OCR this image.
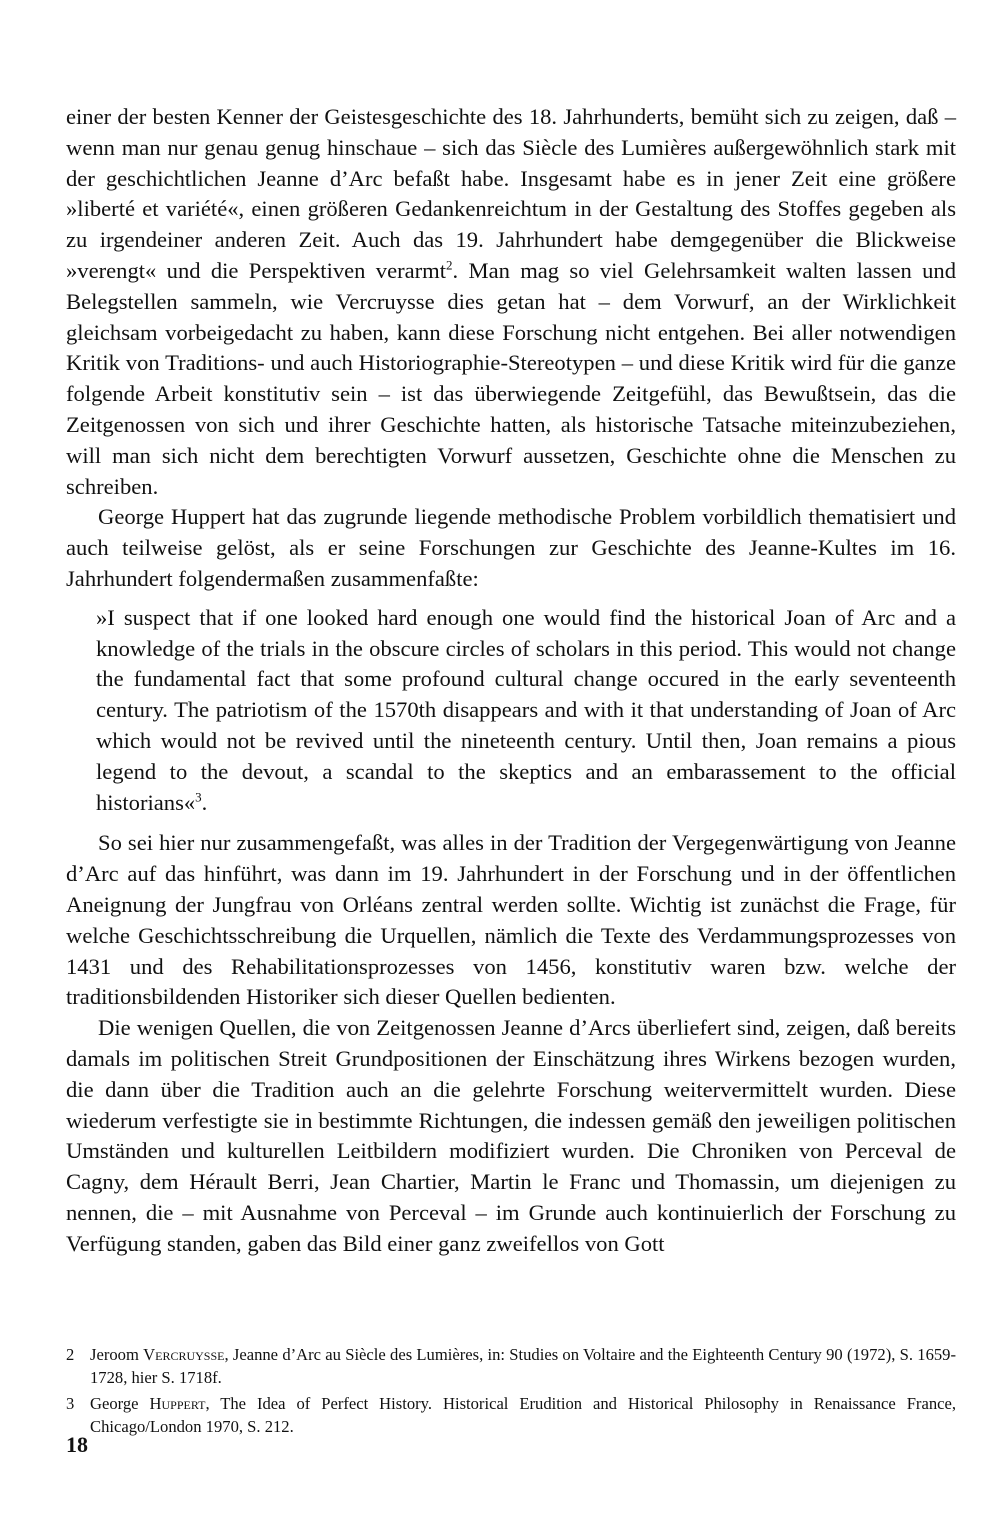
einer der besten Kenner der Geistesgeschichte des 18. Jahrhunderts, bemüht sich zu zeigen, daß – wenn man nur genau genug hinschaue – sich das Siècle des Lumières außergewöhnlich stark mit der geschichtlichen Jeanne d’Arc befaßt habe. Insgesamt habe es in jener Zeit eine größere »liberté et variété«, einen größeren Gedankenreichtum in der Gestaltung des Stoffes gegeben als zu irgendeiner anderen Zeit. Auch das 19. Jahrhundert habe demgegenüber die Blickweise »verengt« und die Perspektiven verarmt$^2$. Man mag so viel Gelehrsamkeit walten lassen und Belegstellen sammeln, wie Vercruysse dies getan hat – dem Vorwurf, an der Wirklichkeit gleichsam vorbeigedacht zu haben, kann diese Forschung nicht entgehen. Bei aller notwendigen Kritik von Traditions- und auch Historiographie-Stereotypen – und diese Kritik wird für die ganze folgende Arbeit konstitutiv sein – ist das überwiegende Zeitgefühl, das Bewußtsein, das die Zeitgenossen von sich und ihrer Geschichte hatten, als historische Tatsache miteinzubeziehen, will man sich nicht dem berechtigten Vorwurf aussetzen, Geschichte ohne die Menschen zu schreiben.

George Huppert hat das zugrunde liegende methodische Problem vorbildlich thematisiert und auch teilweise gelöst, als er seine Forschungen zur Geschichte des Jeanne-Kultes im 16. Jahrhundert folgendermaßen zusammenfaßte:

»I suspect that if one looked hard enough one would find the historical Joan of Arc and a knowledge of the trials in the obscure circles of scholars in this period. This would not change the fundamental fact that some profound cultural change occured in the early seventeenth century. The patriotism of the 1570th disappears and with it that understanding of Joan of Arc which would not be revived until the nineteenth century. Until then, Joan remains a pious legend to the devout, a scandal to the skeptics and an embarassement to the official historians«$^3$.

So sei hier nur zusammengefaßt, was alles in der Tradition der Vergegenwärtigung von Jeanne d’Arc auf das hinführt, was dann im 19. Jahrhundert in der Forschung und in der öffentlichen Aneignung der Jungfrau von Orléans zentral werden sollte. Wichtig ist zunächst die Frage, für welche Geschichtsschreibung die Urquellen, nämlich die Texte des Verdammungsprozesses von 1431 und des Rehabilitationsprozesses von 1456, konstitutiv waren bzw. welche der traditionsbildenden Historiker sich dieser Quellen bedienten.

Die wenigen Quellen, die von Zeitgenossen Jeanne d’Arcs überliefert sind, zeigen, daß bereits damals im politischen Streit Grundpositionen der Einschätzung ihres Wirkens bezogen wurden, die dann über die Tradition auch an die gelehrte Forschung weitervermittelt wurden. Diese wiederum verfestigte sie in bestimmte Richtungen, die indessen gemäß den jeweiligen politischen Umständen und kulturellen Leitbildern modifiziert wurden. Die Chroniken von Perceval de Cagny, dem Hérault Berri, Jean Chartier, Martin le Franc und Thomassin, um diejenigen zu nennen, die – mit Ausnahme von Perceval – im Grunde auch kontinuierlich der Forschung zu Verfügung standen, gaben das Bild einer ganz zweifellos von Gott

2 Jeroom Vercruysse, Jeanne d’Arc au Siècle des Lumières, in: Studies on Voltaire and the Eighteenth Century 90 (1972), S. 1659-1728, hier S. 1718f.
3 George Huppert, The Idea of Perfect History. Historical Erudition and Historical Philosophy in Renaissance France, Chicago/London 1970, S. 212.
18
